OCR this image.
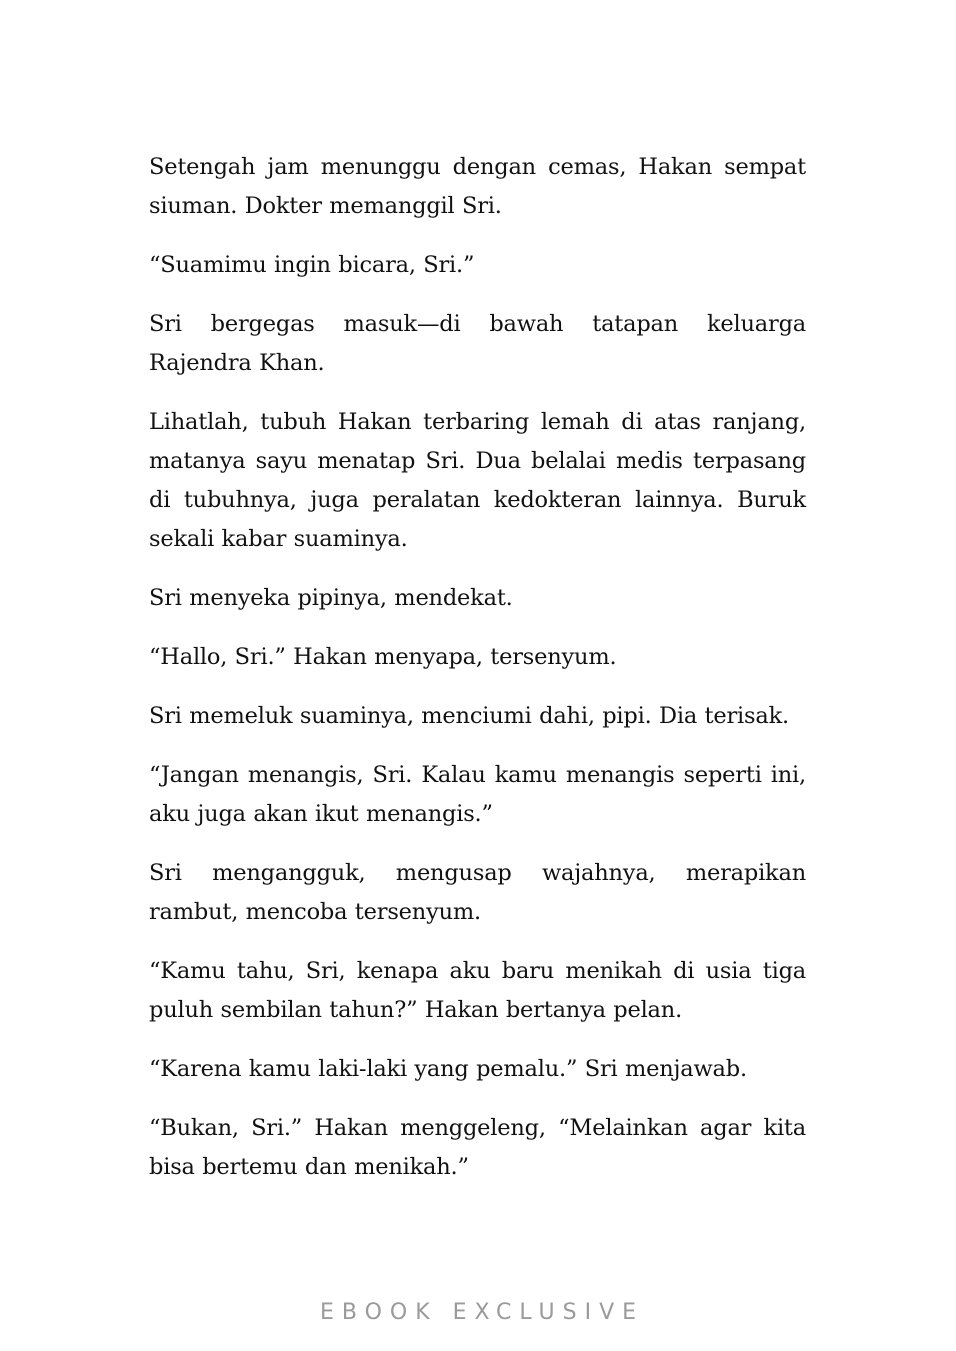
Setengah jam menunggu dengan cemas, Hakan sempat siuman. Dokter memanggil Sri.

“Suamimu ingin bicara, Sri.”

Sri bergegas masuk—di bawah tatapan keluarga Rajendra Khan.

Lihatlah, tubuh Hakan terbaring lemah di atas ranjang, matanya sayu menatap Sri. Dua belalai medis terpasang di tubuhnya, juga peralatan kedokteran lainnya. Buruk sekali kabar suaminya.

Sri menyeka pipinya, mendekat.

“Hallo, Sri.” Hakan menyapa, tersenyum.

Sri memeluk suaminya, menciumi dahi, pipi. Dia terisak.

“Jangan menangis, Sri. Kalau kamu menangis seperti ini, aku juga akan ikut menangis.”

Sri mengangguk, mengusap wajahnya, merapikan rambut, mencoba tersenyum.

“Kamu tahu, Sri, kenapa aku baru menikah di usia tiga puluh sembilan tahun?” Hakan bertanya pelan.

“Karena kamu laki-laki yang pemalu.” Sri menjawab.

“Bukan, Sri.” Hakan menggeleng, “Melainkan agar kita bisa bertemu dan menikah.”

EBOOK EXCLUSIVE
